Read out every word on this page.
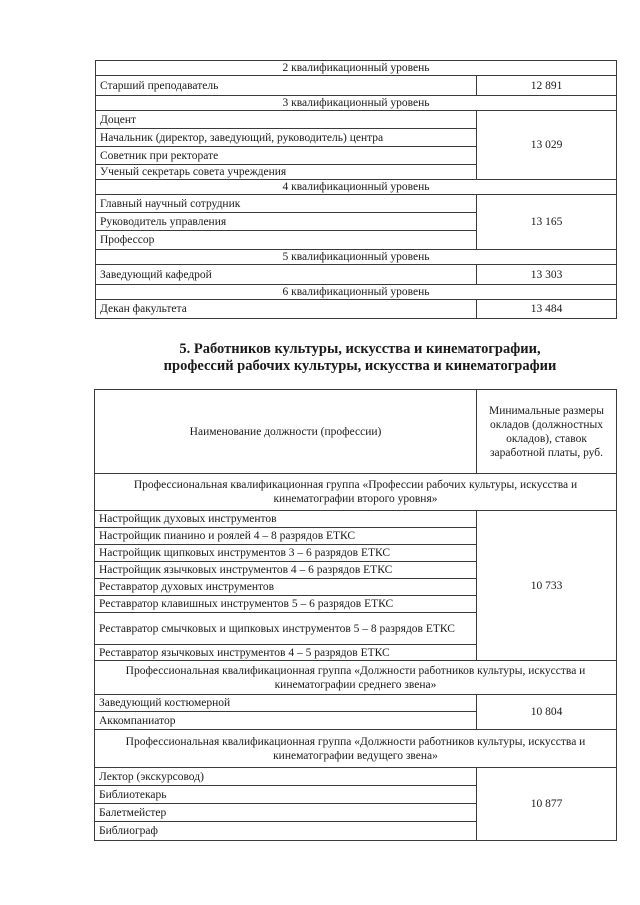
2 квалификационный уровень	
Старший преподаватель	12 891
3 квалификационный уровень	
Доцент	13 029
Начальник (директор, заведующий, руководитель) центра	
Советник при ректорате	
Ученый секретарь совета учреждения	
4 квалификационный уровень	
Главный научный сотрудник	13 165
Руководитель управления	
Профессор	
5 квалификационный уровень	
Заведующий кафедрой	13 303
6 квалификационный уровень	
Декан факультета	13 484
5. Работников культуры, искусства и кинематографии,
профессий рабочих культуры, искусства и кинематографии
Наименование должности (профессии)	Минимальные размеры окладов (должностных окладов), ставок заработной платы, руб.
Профессиональная квалификационная группа «Профессии рабочих культуры, искусства и кинематографии второго уровня»	
Настройщик духовых инструментов	10 733
Настройщик пианино и роялей 4 – 8 разрядов ЕТКС	
Настройщик щипковых инструментов 3 – 6 разрядов ЕТКС	
Настройщик язычковых инструментов 4 – 6 разрядов ЕТКС	
Реставратор духовых инструментов	
Реставратор клавишных инструментов 5 – 6 разрядов ЕТКС	
Реставратор смычковых и щипковых инструментов 5 – 8 разрядов ЕТКС	
Реставратор язычковых инструментов 4 – 5 разрядов ЕТКС	
Профессиональная квалификационная группа «Должности работников культуры, искусства и кинематографии среднего звена»	
Заведующий костюмерной	10 804
Аккомпаниатор	
Профессиональная квалификационная группа «Должности работников культуры, искусства и кинематографии ведущего звена»	
Лектор (экскурсовод)	10 877
Библиотекарь	
Балетмейстер	
Библиограф	
